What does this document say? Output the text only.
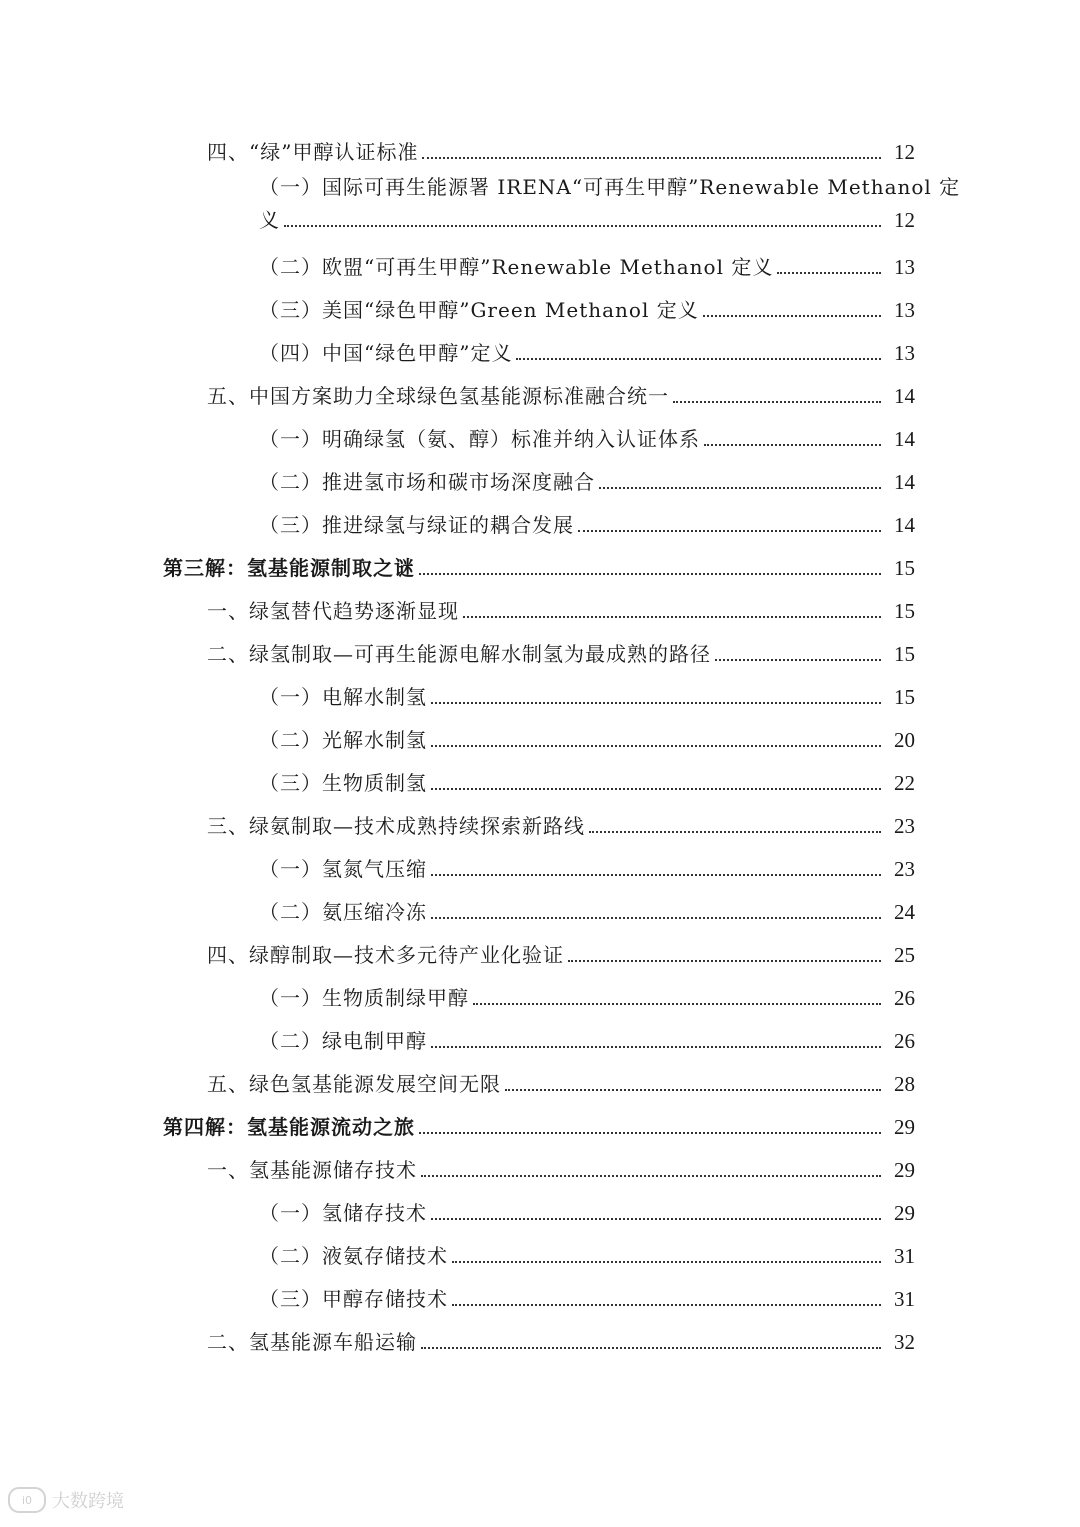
四、“绿”甲醇认证标准	12
（一）国际可再生能源署 IRENA“可再生甲醇”Renewable Methanol 定
义	12
（二）欧盟“可再生甲醇”Renewable Methanol 定义	13
（三）美国“绿色甲醇”Green Methanol 定义	13
（四）中国“绿色甲醇”定义	13
五、中国方案助力全球绿色氢基能源标准融合统一	14
（一）明确绿氢（氨、醇）标准并纳入认证体系	14
（二）推进氢市场和碳市场深度融合	14
（三）推进绿氢与绿证的耦合发展	14
第三解：氢基能源制取之谜	15
一、绿氢替代趋势逐渐显现	15
二、绿氢制取—可再生能源电解水制氢为最成熟的路径	15
（一）电解水制氢	15
（二）光解水制氢	20
（三）生物质制氢	22
三、绿氨制取—技术成熟持续探索新路线	23
（一）氢氮气压缩	23
（二）氨压缩冷冻	24
四、绿醇制取—技术多元待产业化验证	25
（一）生物质制绿甲醇	26
（二）绿电制甲醇	26
五、绿色氢基能源发展空间无限	28
第四解：氢基能源流动之旅	29
一、氢基能源储存技术	29
（一）氢储存技术	29
（二）液氨存储技术	31
（三）甲醇存储技术	31
二、氢基能源车船运输	32
i0	大数跨境
